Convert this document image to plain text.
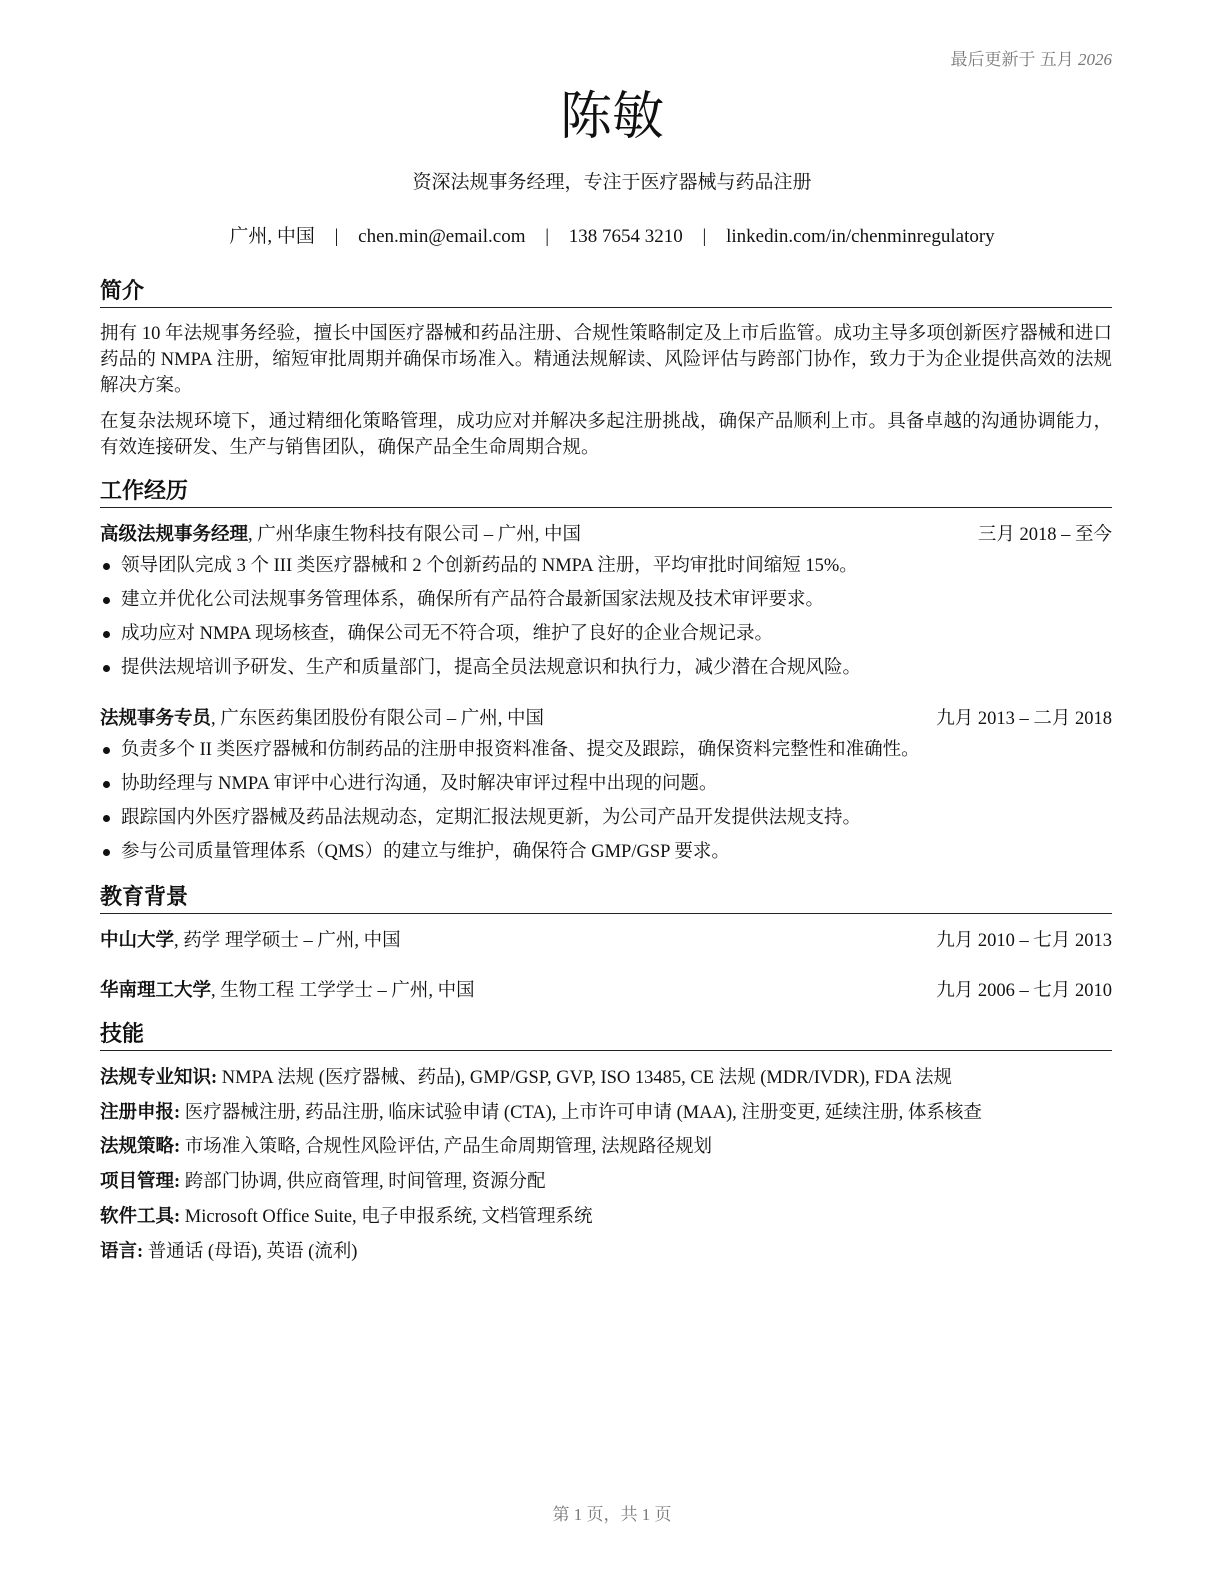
最后更新于 五月 2026
陈敏
资深法规事务经理，专注于医疗器械与药品注册
广州, 中国 | chen.min@email.com | 138 7654 3210 | linkedin.com/in/chenminregulatory
简介
拥有 10 年法规事务经验，擅长中国医疗器械和药品注册、合规性策略制定及上市后监管。成功主导多项创新医疗器械和进口药品的 NMPA 注册，缩短审批周期并确保市场准入。精通法规解读、风险评估与跨部门协作，致力于为企业提供高效的法规解决方案。
在复杂法规环境下，通过精细化策略管理，成功应对并解决多起注册挑战，确保产品顺利上市。具备卓越的沟通协调能力，有效连接研发、生产与销售团队，确保产品全生命周期合规。
工作经历
高级法规事务经理, 广州华康生物科技有限公司 – 广州, 中国	三月 2018 – 至今
领导团队完成 3 个 III 类医疗器械和 2 个创新药品的 NMPA 注册，平均审批时间缩短 15%。
建立并优化公司法规事务管理体系，确保所有产品符合最新国家法规及技术审评要求。
成功应对 NMPA 现场核查，确保公司无不符合项，维护了良好的企业合规记录。
提供法规培训予研发、生产和质量部门，提高全员法规意识和执行力，减少潜在合规风险。
法规事务专员, 广东医药集团股份有限公司 – 广州, 中国	九月 2013 – 二月 2018
负责多个 II 类医疗器械和仿制药品的注册申报资料准备、提交及跟踪，确保资料完整性和准确性。
协助经理与 NMPA 审评中心进行沟通，及时解决审评过程中出现的问题。
跟踪国内外医疗器械及药品法规动态，定期汇报法规更新，为公司产品开发提供法规支持。
参与公司质量管理体系（QMS）的建立与维护，确保符合 GMP/GSP 要求。
教育背景
中山大学, 药学 理学硕士 – 广州, 中国	九月 2010 – 七月 2013
华南理工大学, 生物工程 工学学士 – 广州, 中国	九月 2006 – 七月 2010
技能
法规专业知识: NMPA 法规 (医疗器械、药品), GMP/GSP, GVP, ISO 13485, CE 法规 (MDR/IVDR), FDA 法规
注册申报: 医疗器械注册, 药品注册, 临床试验申请 (CTA), 上市许可申请 (MAA), 注册变更, 延续注册, 体系核查
法规策略: 市场准入策略, 合规性风险评估, 产品生命周期管理, 法规路径规划
项目管理: 跨部门协调, 供应商管理, 时间管理, 资源分配
软件工具: Microsoft Office Suite, 电子申报系统, 文档管理系统
语言: 普通话 (母语), 英语 (流利)
第 1 页，共 1 页
